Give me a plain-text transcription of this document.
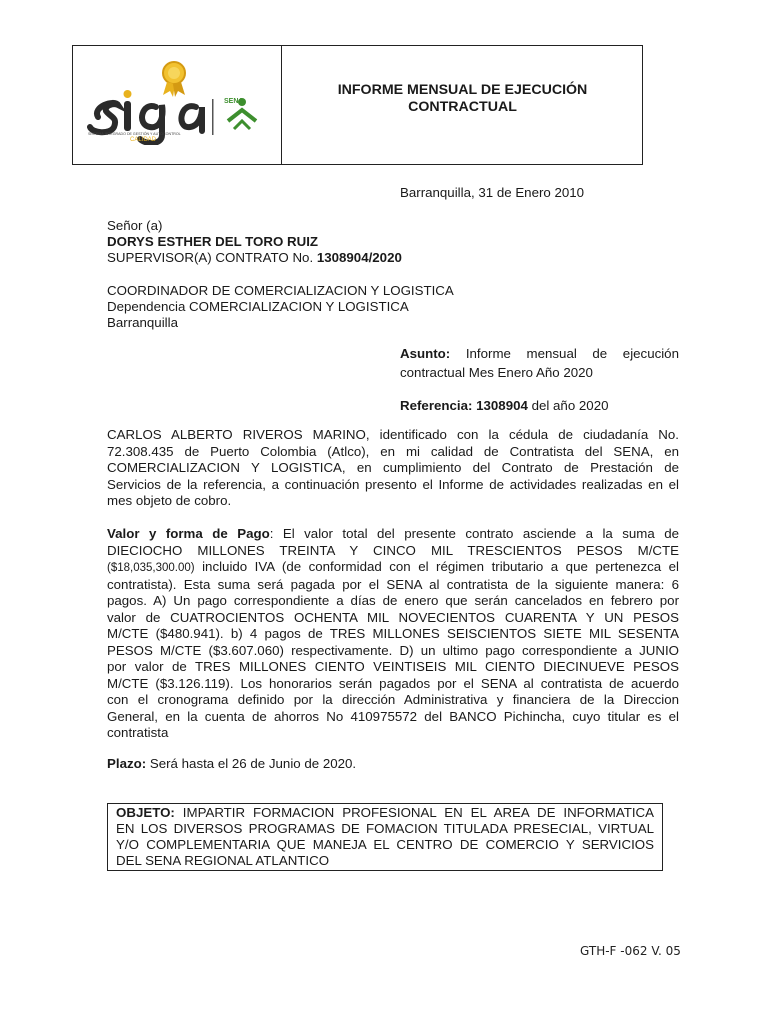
CALIDAD
SENA
SISTEMA INTEGRADO DE GESTIÓN Y AUTOCONTROL
INFORME MENSUAL DE EJECUCIÓN
CONTRACTUAL
Barranquilla, 31 de Enero 2010
Señor (a)
DORYS ESTHER DEL TORO RUIZ
SUPERVISOR(A) CONTRATO No. 1308904/2020
COORDINADOR DE COMERCIALIZACION Y LOGISTICA
Dependencia COMERCIALIZACION Y LOGISTICA
Barranquilla
Asunto: Informe mensual de ejecución
contractual Mes Enero Año 2020
Referencia: 1308904 del año 2020
CARLOS ALBERTO RIVEROS MARINO, identificado con la cédula de ciudadanía No.
72.308.435 de Puerto Colombia (Atlco), en mi calidad de Contratista del SENA, en
COMERCIALIZACION Y LOGISTICA, en cumplimiento del Contrato de Prestación de
Servicios de la referencia, a continuación presento el Informe de actividades realizadas en el
mes objeto de cobro.
Valor y forma de Pago: El valor total del presente contrato asciende a la suma de
DIECIOCHO MILLONES TREINTA Y CINCO MIL TRESCIENTOS PESOS M/CTE
($18,035,300.00) incluido IVA (de conformidad con el régimen tributario a que pertenezca el
contratista). Esta suma será pagada por el SENA al contratista de la siguiente manera: 6
pagos. A) Un pago correspondiente a días de enero que serán cancelados en febrero por
valor de CUATROCIENTOS OCHENTA MIL NOVECIENTOS CUARENTA Y UN PESOS
M/CTE ($480.941). b) 4 pagos de TRES MILLONES SEISCIENTOS SIETE MIL SESENTA
PESOS M/CTE ($3.607.060) respectivamente. D) un ultimo pago correspondiente a JUNIO
por valor de TRES MILLONES CIENTO VEINTISEIS MIL CIENTO DIECINUEVE PESOS
M/CTE ($3.126.119). Los honorarios serán pagados por el SENA al contratista de acuerdo
con el cronograma definido por la dirección Administrativa y financiera de la Direccion
General, en la cuenta de ahorros No 410975572 del BANCO Pichincha, cuyo titular es el
contratista
Plazo: Será hasta el 26 de Junio de 2020.
OBJETO: IMPARTIR FORMACION PROFESIONAL EN EL AREA DE INFORMATICA
EN LOS DIVERSOS PROGRAMAS DE FOMACION TITULADA PRESECIAL, VIRTUAL
Y/O COMPLEMENTARIA QUE MANEJA EL CENTRO DE COMERCIO Y SERVICIOS
DEL SENA REGIONAL ATLANTICO
GTH-F -062 V. 05
